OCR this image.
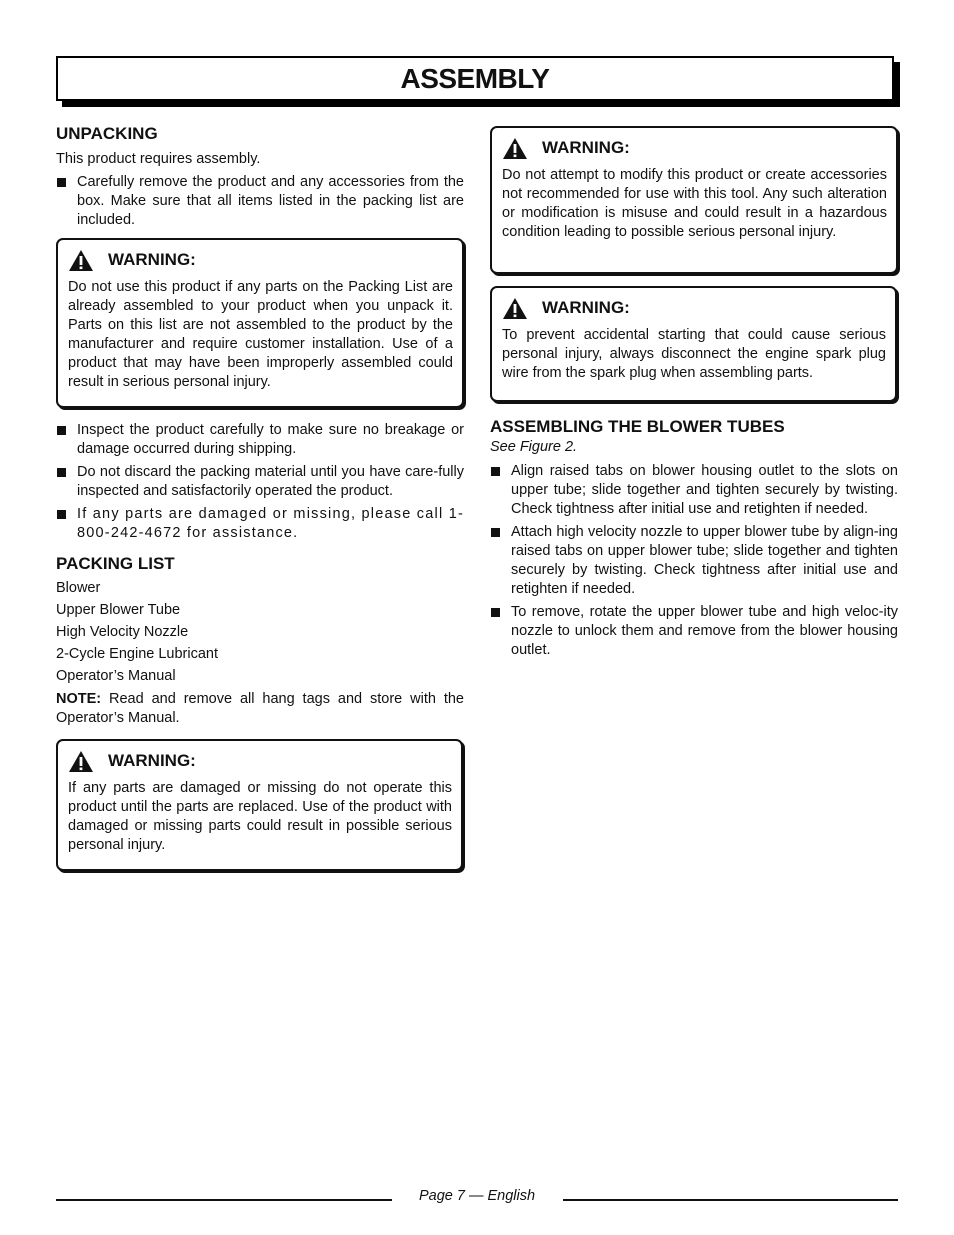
ASSEMBLY
UNPACKING

This product requires assembly.

Carefully remove the product and any accessories from the box. Make sure that all items listed in the packing list are included.
WARNING:
Do not use this product if any parts on the Packing List are already assembled to your product when you unpack it. Parts on this list are not assembled to the product by the manufacturer and require customer installation. Use of a product that may have been improperly assembled could result in serious personal injury.
Inspect the product carefully to make sure no breakage or damage occurred during shipping.
Do not discard the packing material until you have care-fully inspected and satisfactorily operated the product.
If any parts are damaged or missing, please call 1-800-242-4672 for assistance.
PACKING LIST
Blower
Upper Blower Tube
High Velocity Nozzle
2-Cycle Engine Lubricant
Operator’s Manual

NOTE: Read and remove all hang tags and store with the Operator’s Manual.

WARNING:
If any parts are damaged or missing do not operate this product until the parts are replaced. Use of the product with damaged or missing parts could result in possible serious personal injury.
WARNING:
Do not attempt to modify this product or create accessories not recommended for use with this tool. Any such alteration or modification is misuse and could result in a hazardous condition leading to possible serious personal injury.
WARNING:
To prevent accidental starting that could cause serious personal injury, always disconnect the engine spark plug wire from the spark plug when assembling parts.
ASSEMBLING THE BLOWER TUBES

See Figure 2.

Align raised tabs on blower housing outlet to the slots on upper tube; slide together and tighten securely by twisting. Check tightness after initial use and retighten if needed.
Attach high velocity nozzle to upper blower tube by align-ing raised tabs on upper blower tube; slide together and tighten securely by twisting. Check tightness after initial use and retighten if needed.
To remove, rotate the upper blower tube and high veloc-ity nozzle to unlock them and remove from the blower housing outlet.
Page 7 — English
